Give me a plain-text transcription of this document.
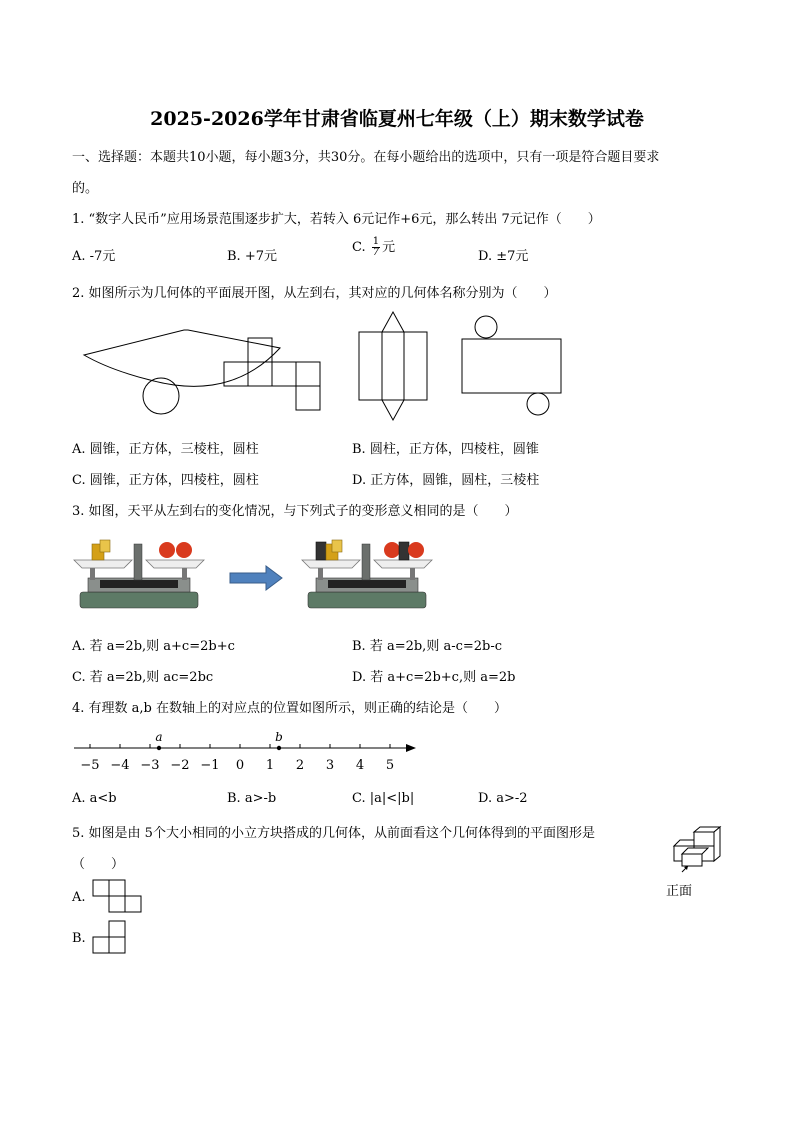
2025-2026学年甘肃省临夏州七年级（上）期末数学试卷
一、选择题：本题共10小题，每小题3分，共30分。在每小题给出的选项中，只有一项是符合题目要求
的。
1. “数字人民币”应用场景范围逐步扩大，若转入 6元记作+6元，那么转出 7元记作（　　）
A. -7元	B. +7元
C. $\frac{1}{7}$ 元
D. ±7元
2. 如图所示为几何体的平面展开图，从左到右，其对应的几何体名称分别为（　　）
A. 圆锥，正方体，三棱柱，圆柱	B. 圆柱，正方体，四棱柱，圆锥
C. 圆锥，正方体，四棱柱，圆柱	D. 正方体，圆锥，圆柱，三棱柱
3. 如图，天平从左到右的变化情况，与下列式子的变形意义相同的是（　　）
A. 若 a=2b,则 a+c=2b+c	B. 若 a=2b,则 a-c=2b-c
C. 若 a=2b,则 ac=2bc	D. 若 a+c=2b+c,则 a=2b
4. 有理数 a,b 在数轴上的对应点的位置如图所示，则正确的结论是（　　）
−5 −4 −3 −2 −1 0 1 2 3 4 5
a	b
A. a<b	B. a>-b	C. |a|<|b|	D. a>-2
5. 如图是由 5个大小相同的小立方块搭成的几何体，从前面看这个几何体得到的平面图形是
（　　）
正面
A.
B.
